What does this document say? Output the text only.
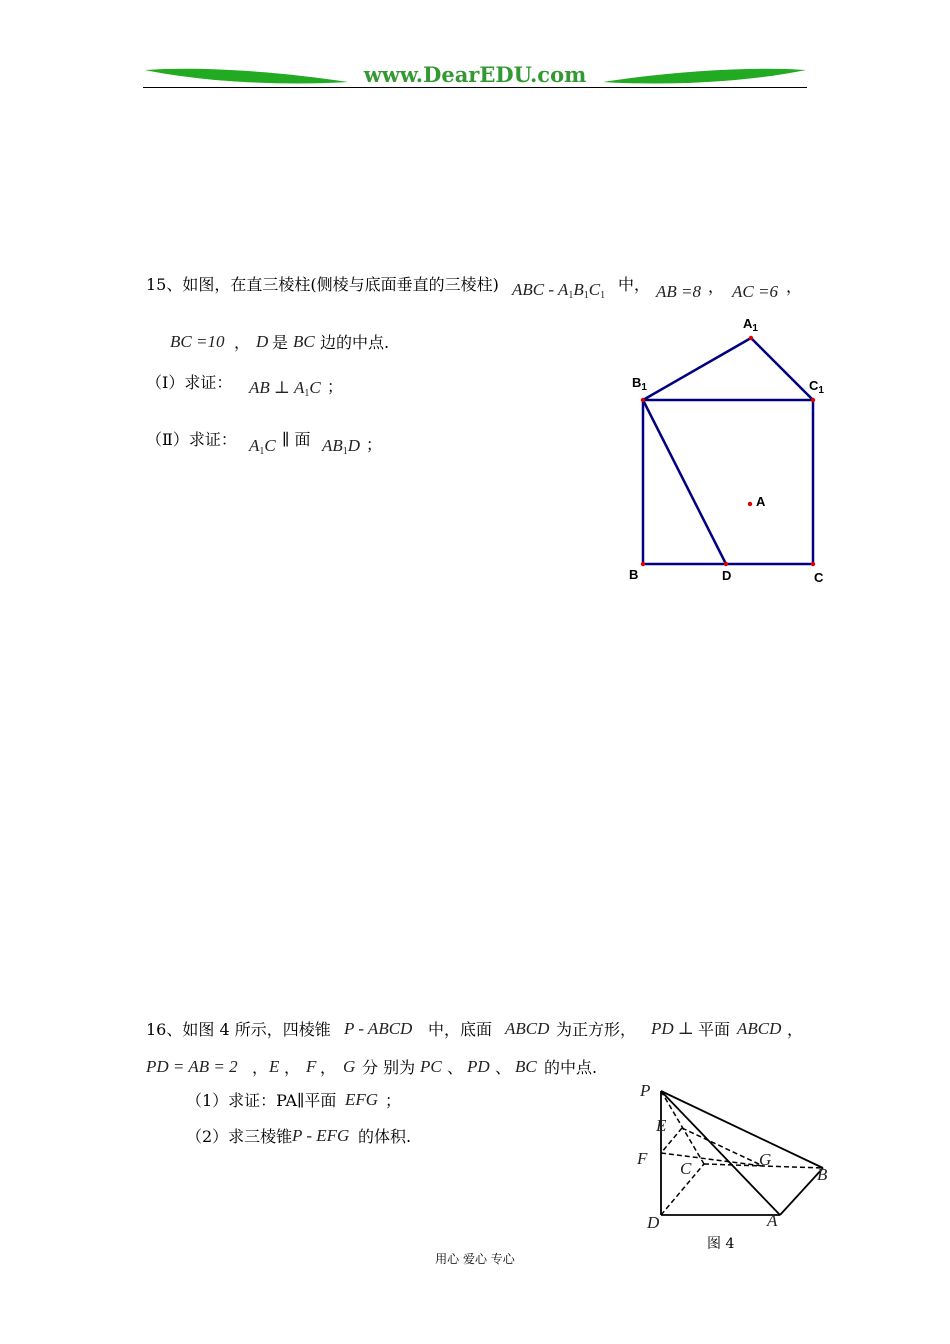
www.DearEDU.com
15、如图，在直三棱柱(侧棱与底面垂直的三棱柱) ABC - $A_1B_1C_1$
中， AB =8 ， AC =6 ，
BC =10 ， D 是 BC 边的中点.
（Ⅰ）求证： AB ⊥ $A_1C$ ；
（Ⅱ）求证： $A_1C$ ∥ 面 $AB_1D$ ；
$A_1$
$B_1$	$C_1$
A
B	D	C
16、如图 4 所示，四棱锥 P - ABCD 中，底面 ABCD 为正方形， PD ⊥ 平面 ABCD ，
PD = AB = 2 ， E ， F ， G 分 别为 PC 、 PD 、 BC 的中点.
（1）求证：PA∥平面 EFG ；
（2）求三棱锥 P - EFG 的体积.
P
E
F
C	G
B
D	A
图 4
用心 爱心 专心
